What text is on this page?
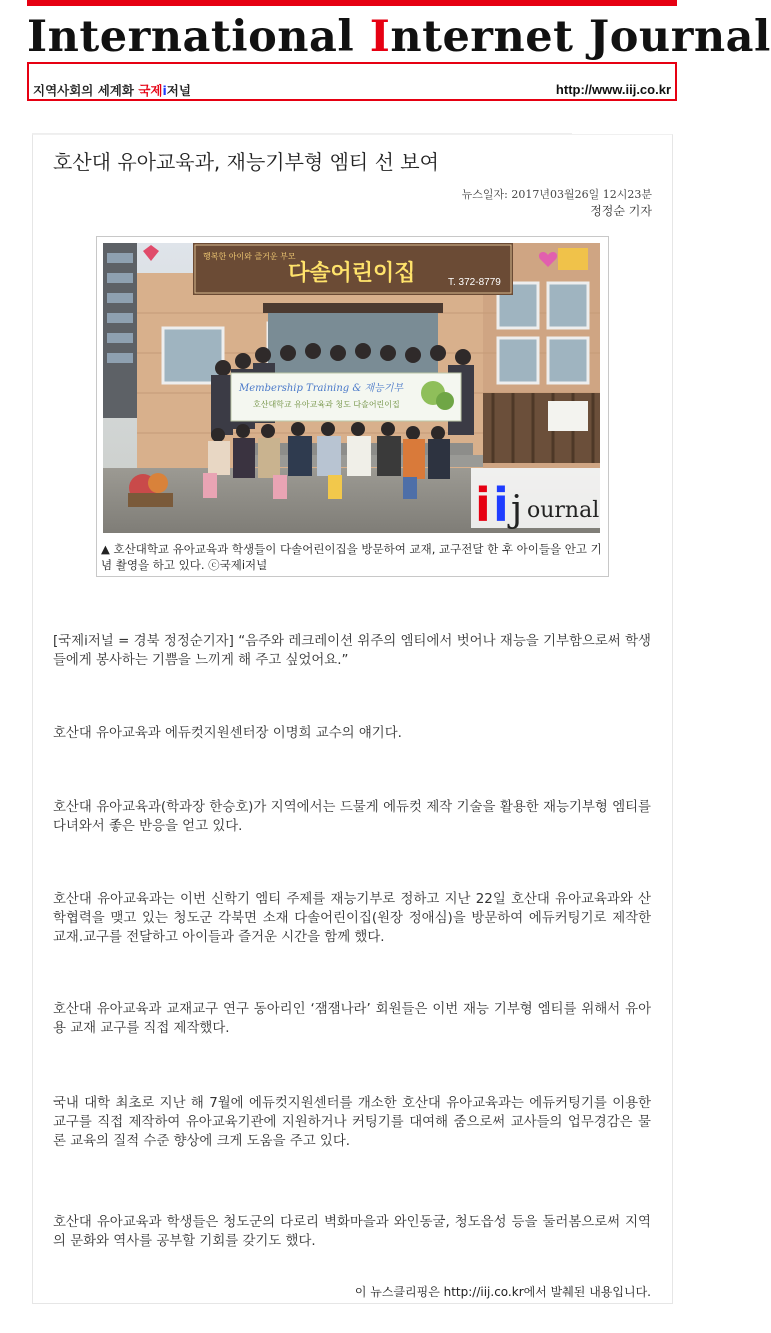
International Internet Journal
지역사회의 세계화 국제i저널	http://www.iij.co.kr
호산대 유아교육과, 재능기부형 엠티 선 보여
뉴스일자: 2017년03월26일 12시23분
정정순 기자
행복한 아이와 즐거운 부모
다솔어린이집	T. 372-8779
Membership Training & 재능기부
호산대학교 유아교육과 청도 다솔어린이집
i i j ournal
▲ 호산대학교 유아교육과 학생들이 다솔어린이집을 방문하여 교재, 교구전달 한 후 아이들을 안고 기념 촬영을 하고 있다. ⓒ국제i저널
[국제i저널 = 경북 정정순기자] “음주와 레크레이션 위주의 엠티에서 벗어나 재능을 기부함으로써 학생들에게 봉사하는 기쁨을 느끼게 해 주고 싶었어요.”
호산대 유아교육과 에듀컷지원센터장 이명희 교수의 얘기다.
호산대 유아교육과(학과장 한승호)가 지역에서는 드물게 에듀컷 제작 기술을 활용한 재능기부형 엠티를 다녀와서 좋은 반응을 얻고 있다.
호산대 유아교육과는 이번 신학기 엠티 주제를 재능기부로 정하고 지난 22일 호산대 유아교육과와 산학협력을 맺고 있는 청도군 각북면 소재 다솔어린이집(원장 정애심)을 방문하여 에듀커팅기로 제작한 교재.교구를 전달하고 아이들과 즐거운 시간을 함께 했다.
호산대 유아교육과 교재교구 연구 동아리인 ‘잼잼나라’ 회원들은 이번 재능 기부형 엠티를 위해서 유아용 교재 교구를 직접 제작했다.
국내 대학 최초로 지난 해 7월에 에듀컷지원센터를 개소한 호산대 유아교육과는 에듀커팅기를 이용한 교구를 직접 제작하여 유아교육기관에 지원하거나 커팅기를 대여해 줌으로써 교사들의 업무경감은 물론 교육의 질적 수준 향상에 크게 도움을 주고 있다.
호산대 유아교육과 학생들은 청도군의 다로리 벽화마을과 와인동굴, 청도읍성 등을 둘러봄으로써 지역의 문화와 역사를 공부할 기회를 갖기도 했다.
이 뉴스클리핑은 http://iij.co.kr에서 발췌된 내용입니다.
